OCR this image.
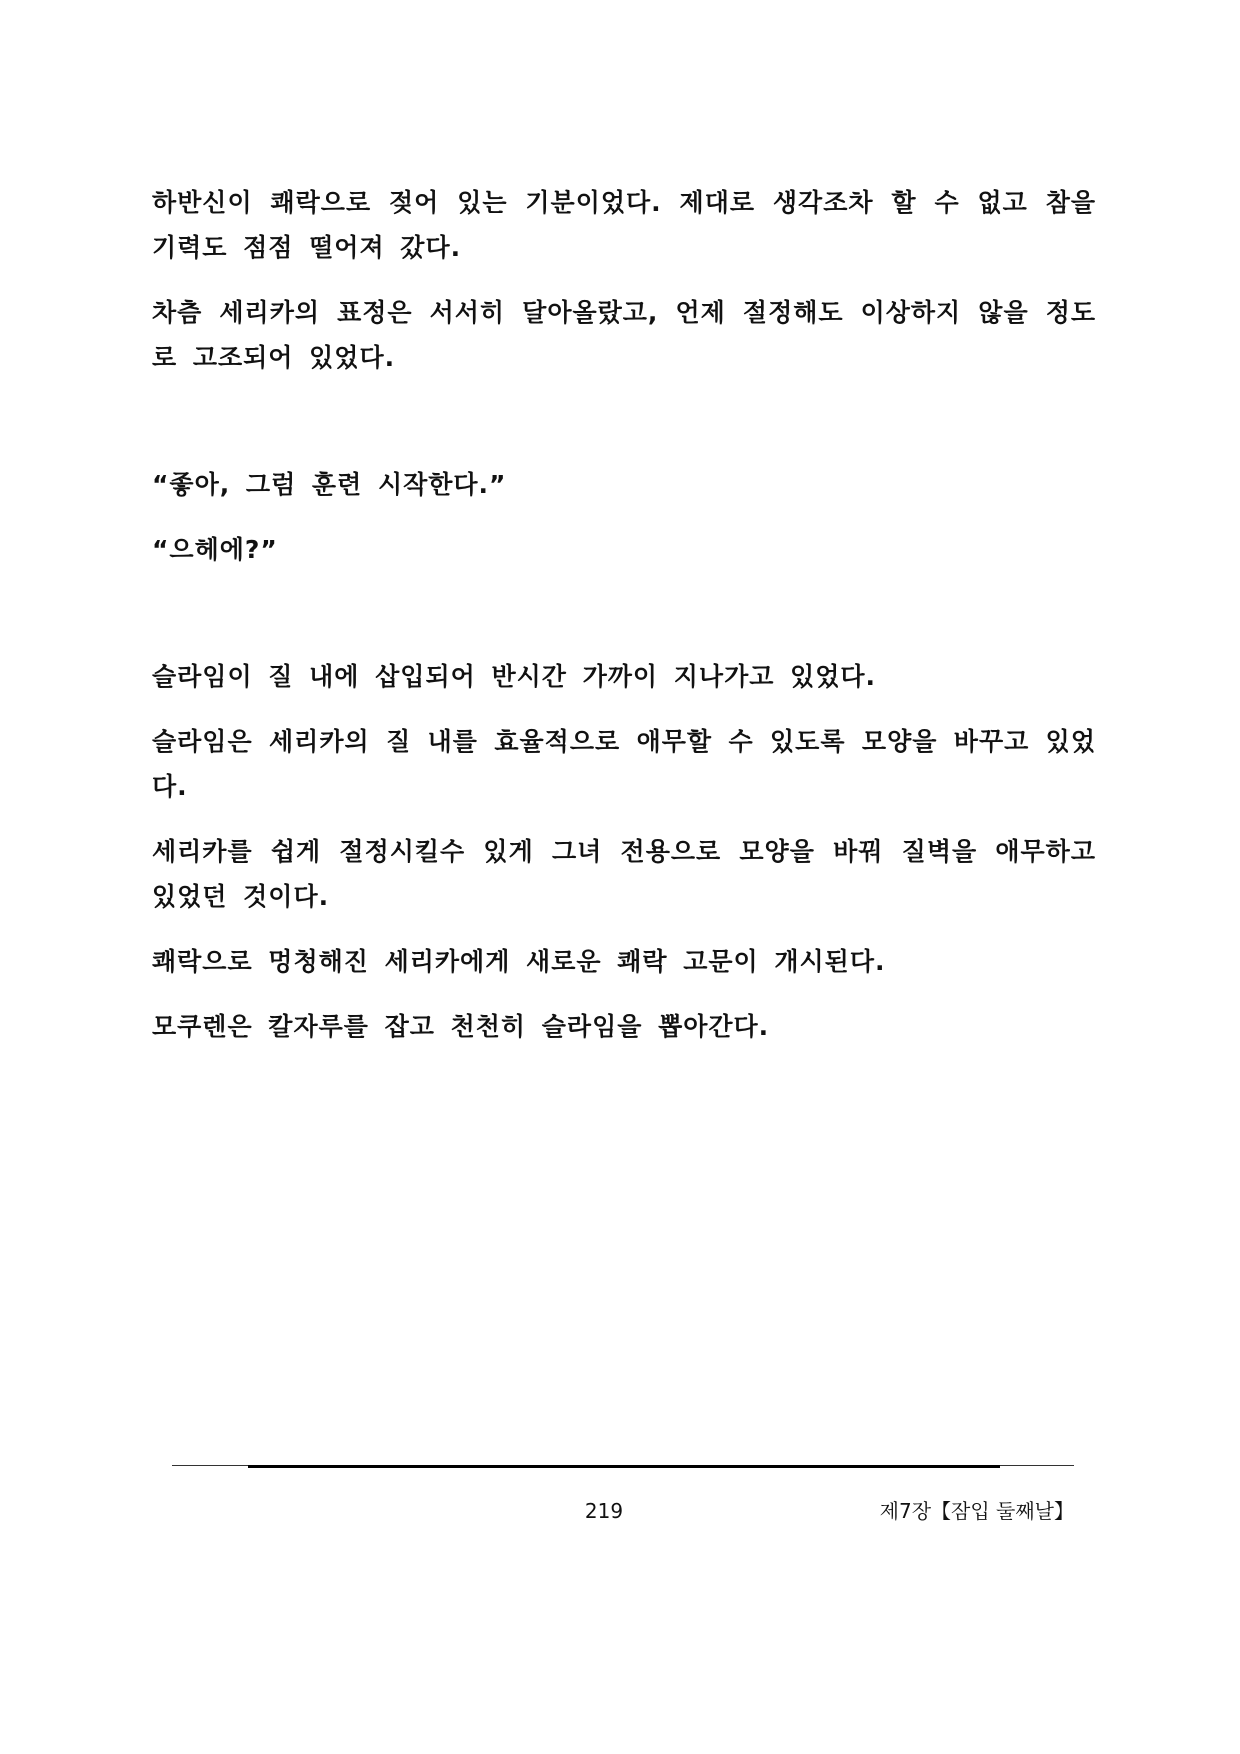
하반신이 쾌락으로 젖어 있는 기분이었다. 제대로 생각조차 할 수 없고 참을 기력도 점점 떨어져 갔다.

차츰 세리카의 표정은 서서히 달아올랐고, 언제 절정해도 이상하지 않을 정도로 고조되어 있었다.

“좋아, 그럼 훈련 시작한다.”

“으헤에?”

슬라임이 질 내에 삽입되어 반시간 가까이 지나가고 있었다.

슬라임은 세리카의 질 내를 효율적으로 애무할 수 있도록 모양을 바꾸고 있었다.

세리카를 쉽게 절정시킬수 있게 그녀 전용으로 모양을 바꿔 질벽을 애무하고 있었던 것이다.

쾌락으로 멍청해진 세리카에게 새로운 쾌락 고문이 개시된다.

모쿠렌은 칼자루를 잡고 천천히 슬라임을 뽑아간다.

219	제7장【잠입 둘째날】
